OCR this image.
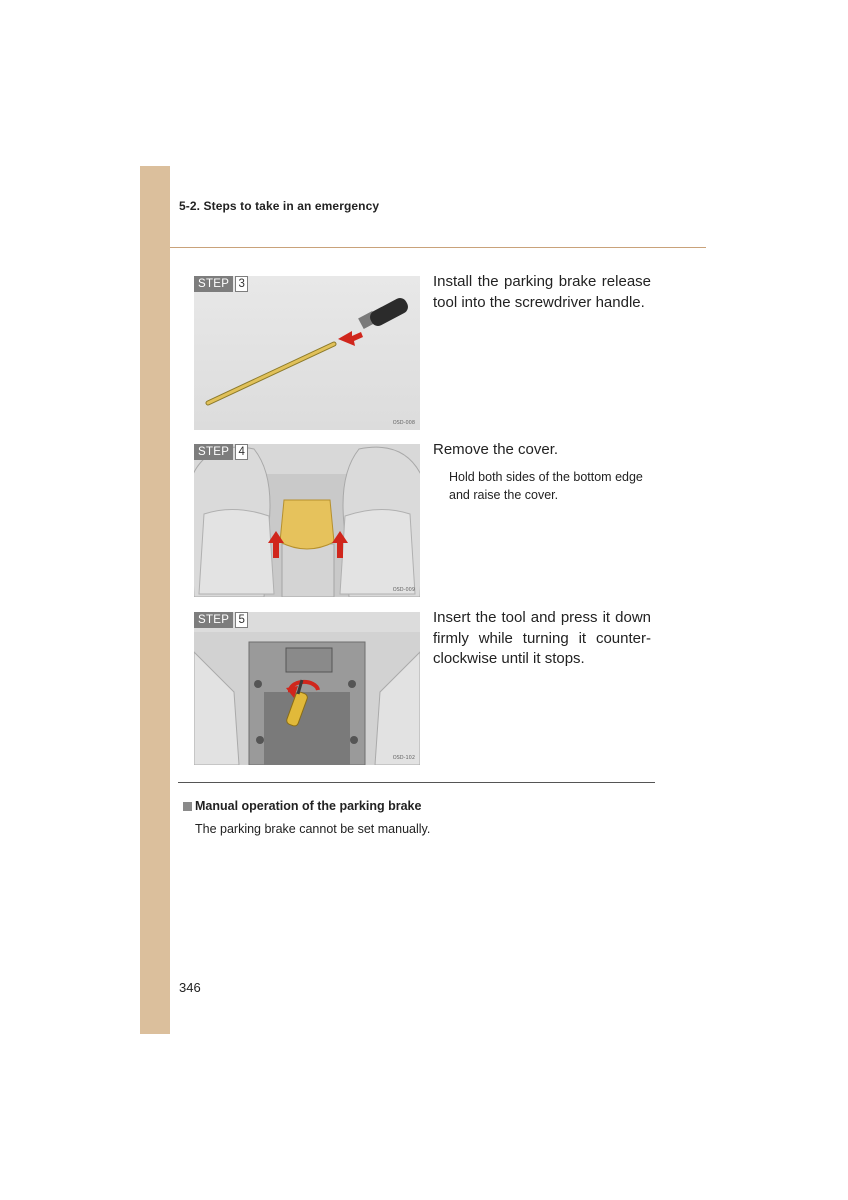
5-2. Steps to take in an emergency
STEP 3
OSD-008
Install the parking brake release tool into the screwdriver handle.
STEP 4
OSD-009
Remove the cover.
Hold both sides of the bottom edge and raise the cover.
STEP 5
OSD-102
Insert the tool and press it down firmly while turning it counter-clockwise until it stops.
Manual operation of the parking brake
The parking brake cannot be set manually.
346
